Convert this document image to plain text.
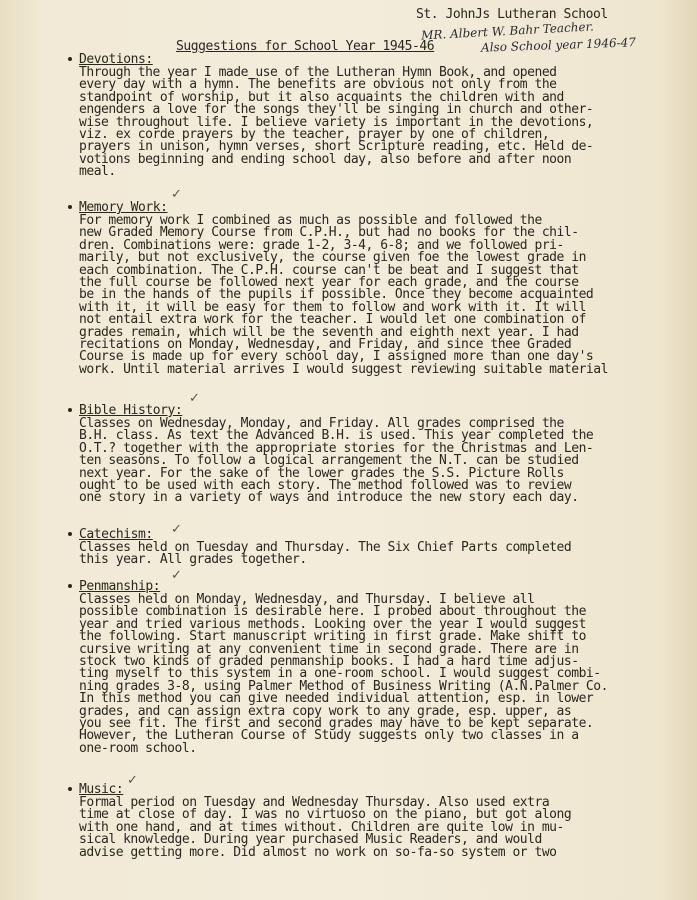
St. JohnJs Lutheran School
MR. Albert W. Bahr Teacher.
Also School year 1946-47
Suggestions for School Year 1945-46
Devotions:
Through the year I made use of the Lutheran Hymn Book, and opened
every day with a hymn. The benefits are obvious not only from the
standpoint of worship, but it also acquaints the children with and
engenders a love for the songs they'll be singing in church and other-
wise throughout life. I believe variety is important in the devotions,
viz. ex corde prayers by the teacher, prayer by one of children,
prayers in unison, hymn verses, short Scripture reading, etc. Held de-
votions beginning and ending school day, also before and after noon
meal.
✓
Memory Work:
For memory work I combined as much as possible and followed the
new Graded Memory Course from C.P.H., but had no books for the chil-
dren. Combinations were: grade 1-2, 3-4, 6-8; and we followed pri-
marily, but not exclusively, the course given foe the lowest grade in
each combination. The C.P.H. course can't be beat and I suggest that
the full course be followed next year for each grade, and the course
be in the hands of the pupils if possible. Once they become acquainted
with it, it will be easy for them to follow and work with it. It will
not entail extra work for the teacher. I would let one combination of
grades remain, which will be the seventh and eighth next year. I had
recitations on Monday, Wednesday, and Friday, and since thee Graded
Course is made up for every school day, I assigned more than one day's
work. Until material arrives I would suggest reviewing suitable material
✓
Bible History:
Classes on Wednesday, Monday, and Friday. All grades comprised the
B.H. class. As text the Advanced B.H. is used. This year completed the
O.T.? together with the appropriate stories for the Christmas and Len-
ten seasons. To follow a logical arrangement the N.T. can be studied
next year. For the sake of the lower grades the S.S. Picture Rolls
ought to be used with each story. The method followed was to review
one story in a variety of ways and introduce the new story each day.
✓
Catechism:
Classes held on Tuesday and Thursday. The Six Chief Parts completed
this year. All grades together.
✓
Penmanship:
Classes held on Monday, Wednesday, and Thursday. I believe all
possible combination is desirable here. I probed about throughout the
year and tried various methods. Looking over the year I would suggest
the following. Start manuscript writing in first grade. Make shift to
cursive writing at any convenient time in second grade. There are in
stock two kinds of graded penmanship books. I had a hard time adjus-
ting myself to this system in a one-room school. I would suggest combi-
ning grades 3-8, using Palmer Method of Business Writing (A.N.Palmer Co.
In this method you can give needed individual attention, esp. in lower
grades, and can assign extra copy work to any grade, esp. upper, as
you see fit. The first and second grades may have to be kept separate.
However, the Lutheran Course of Study suggests only two classes in a
one-room school.
✓
Music:
Formal period on Tuesday and Wednesday Thursday. Also used extra
time at close of day. I was no virtuoso on the piano, but got along
with one hand, and at times without. Children are quite low in mu-
sical knowledge. During year purchased Music Readers, and would
advise getting more. Did almost no work on so-fa-so system or two
